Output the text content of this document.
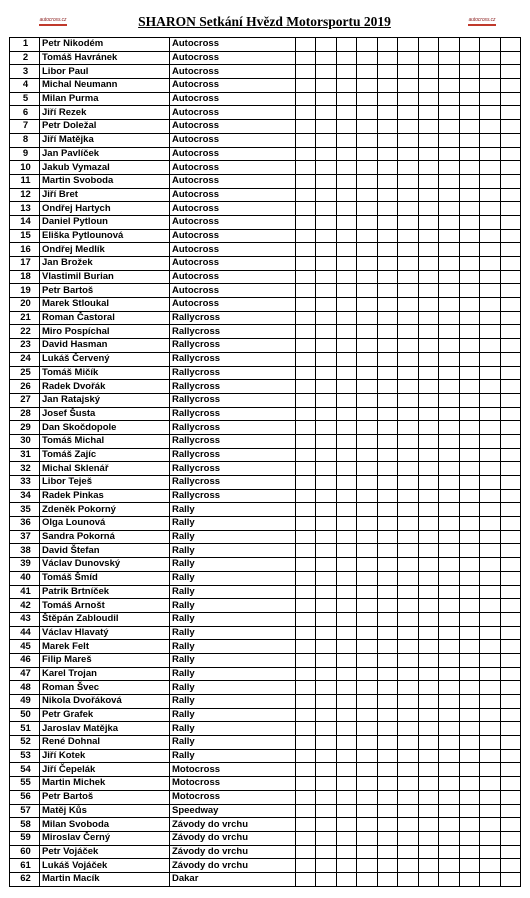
autocross.cz	SHARON Setkání Hvězd Motorsportu 2019	autocross.cz
1	Petr Nikodém	Autocross											
2	Tomáš Havránek	Autocross											
3	Libor Paul	Autocross											
4	Michal Neumann	Autocross											
5	Milan Purma	Autocross											
6	Jiří Rezek	Autocross											
7	Petr Doležal	Autocross											
8	Jiří Matějka	Autocross											
9	Jan Pavlíček	Autocross											
10	Jakub Vymazal	Autocross											
11	Martin Svoboda	Autocross											
12	Jiří Bret	Autocross											
13	Ondřej Hartych	Autocross											
14	Daniel Pytloun	Autocross											
15	Eliška Pytlounová	Autocross											
16	Ondřej Medlík	Autocross											
17	Jan Brožek	Autocross											
18	Vlastimil Burian	Autocross											
19	Petr Bartoš	Autocross											
20	Marek Stloukal	Autocross											
21	Roman Častoral	Rallycross											
22	Miro Pospíchal	Rallycross											
23	David Hasman	Rallycross											
24	Lukáš Červený	Rallycross											
25	Tomáš Mičík	Rallycross											
26	Radek Dvořák	Rallycross											
27	Jan Ratajský	Rallycross											
28	Josef Šusta	Rallycross											
29	Dan Skočdopole	Rallycross											
30	Tomáš Michal	Rallycross											
31	Tomáš Zajíc	Rallycross											
32	Michal Sklenář	Rallycross											
33	Libor Teješ	Rallycross											
34	Radek Pinkas	Rallycross											
35	Zdeněk Pokorný	Rally											
36	Olga Lounová	Rally											
37	Sandra Pokorná	Rally											
38	David Štefan	Rally											
39	Václav Dunovský	Rally											
40	Tomáš Šmíd	Rally											
41	Patrik Brtníček	Rally											
42	Tomáš Arnošt	Rally											
43	Štěpán Zabloudil	Rally											
44	Václav Hlavatý	Rally											
45	Marek Felt	Rally											
46	Filip Mareš	Rally											
47	Karel Trojan	Rally											
48	Roman Švec	Rally											
49	Nikola Dvořáková	Rally											
50	Petr Grafek	Rally											
51	Jaroslav Matějka	Rally											
52	René Dohnal	Rally											
53	Jiří Kotek	Rally											
54	Jiří Čepelák	Motocross											
55	Martin Michek	Motocross											
56	Petr Bartoš	Motocross											
57	Matěj Kůs	Speedway											
58	Milan Svoboda	Závody do vrchu											
59	Miroslav Černý	Závody do vrchu											
60	Petr Vojáček	Závody do vrchu											
61	Lukáš Vojáček	Závody do vrchu											
62	Martin Macík	Dakar											
